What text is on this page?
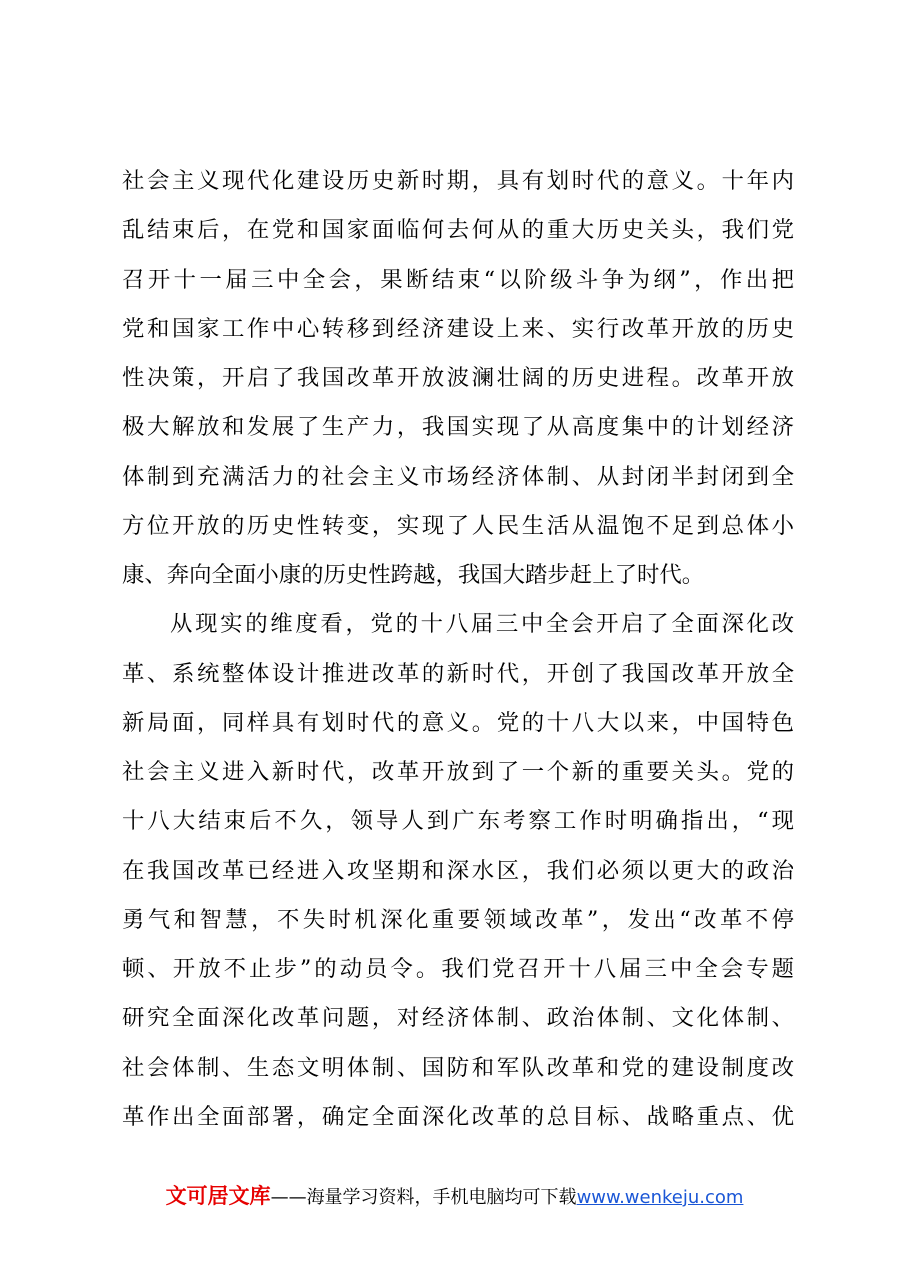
社会主义现代化建设历史新时期，具有划时代的意义。十年内
乱结束后，在党和国家面临何去何从的重大历史关头，我们党
召开十一届三中全会，果断结束“以阶级斗争为纲”，作出把
党和国家工作中心转移到经济建设上来、实行改革开放的历史
性决策，开启了我国改革开放波澜壮阔的历史进程。改革开放
极大解放和发展了生产力，我国实现了从高度集中的计划经济
体制到充满活力的社会主义市场经济体制、从封闭半封闭到全
方位开放的历史性转变，实现了人民生活从温饱不足到总体小
康、奔向全面小康的历史性跨越，我国大踏步赶上了时代。
从现实的维度看，党的十八届三中全会开启了全面深化改
革、系统整体设计推进改革的新时代，开创了我国改革开放全
新局面，同样具有划时代的意义。党的十八大以来，中国特色
社会主义进入新时代，改革开放到了一个新的重要关头。党的
十八大结束后不久，领导人到广东考察工作时明确指出，“现
在我国改革已经进入攻坚期和深水区，我们必须以更大的政治
勇气和智慧，不失时机深化重要领域改革”，发出“改革不停
顿、开放不止步”的动员令。我们党召开十八届三中全会专题
研究全面深化改革问题，对经济体制、政治体制、文化体制、
社会体制、生态文明体制、国防和军队改革和党的建设制度改
革作出全面部署，确定全面深化改革的总目标、战略重点、优
文可居文库——海量学习资料，手机电脑均可下载www.wenkeju.com
